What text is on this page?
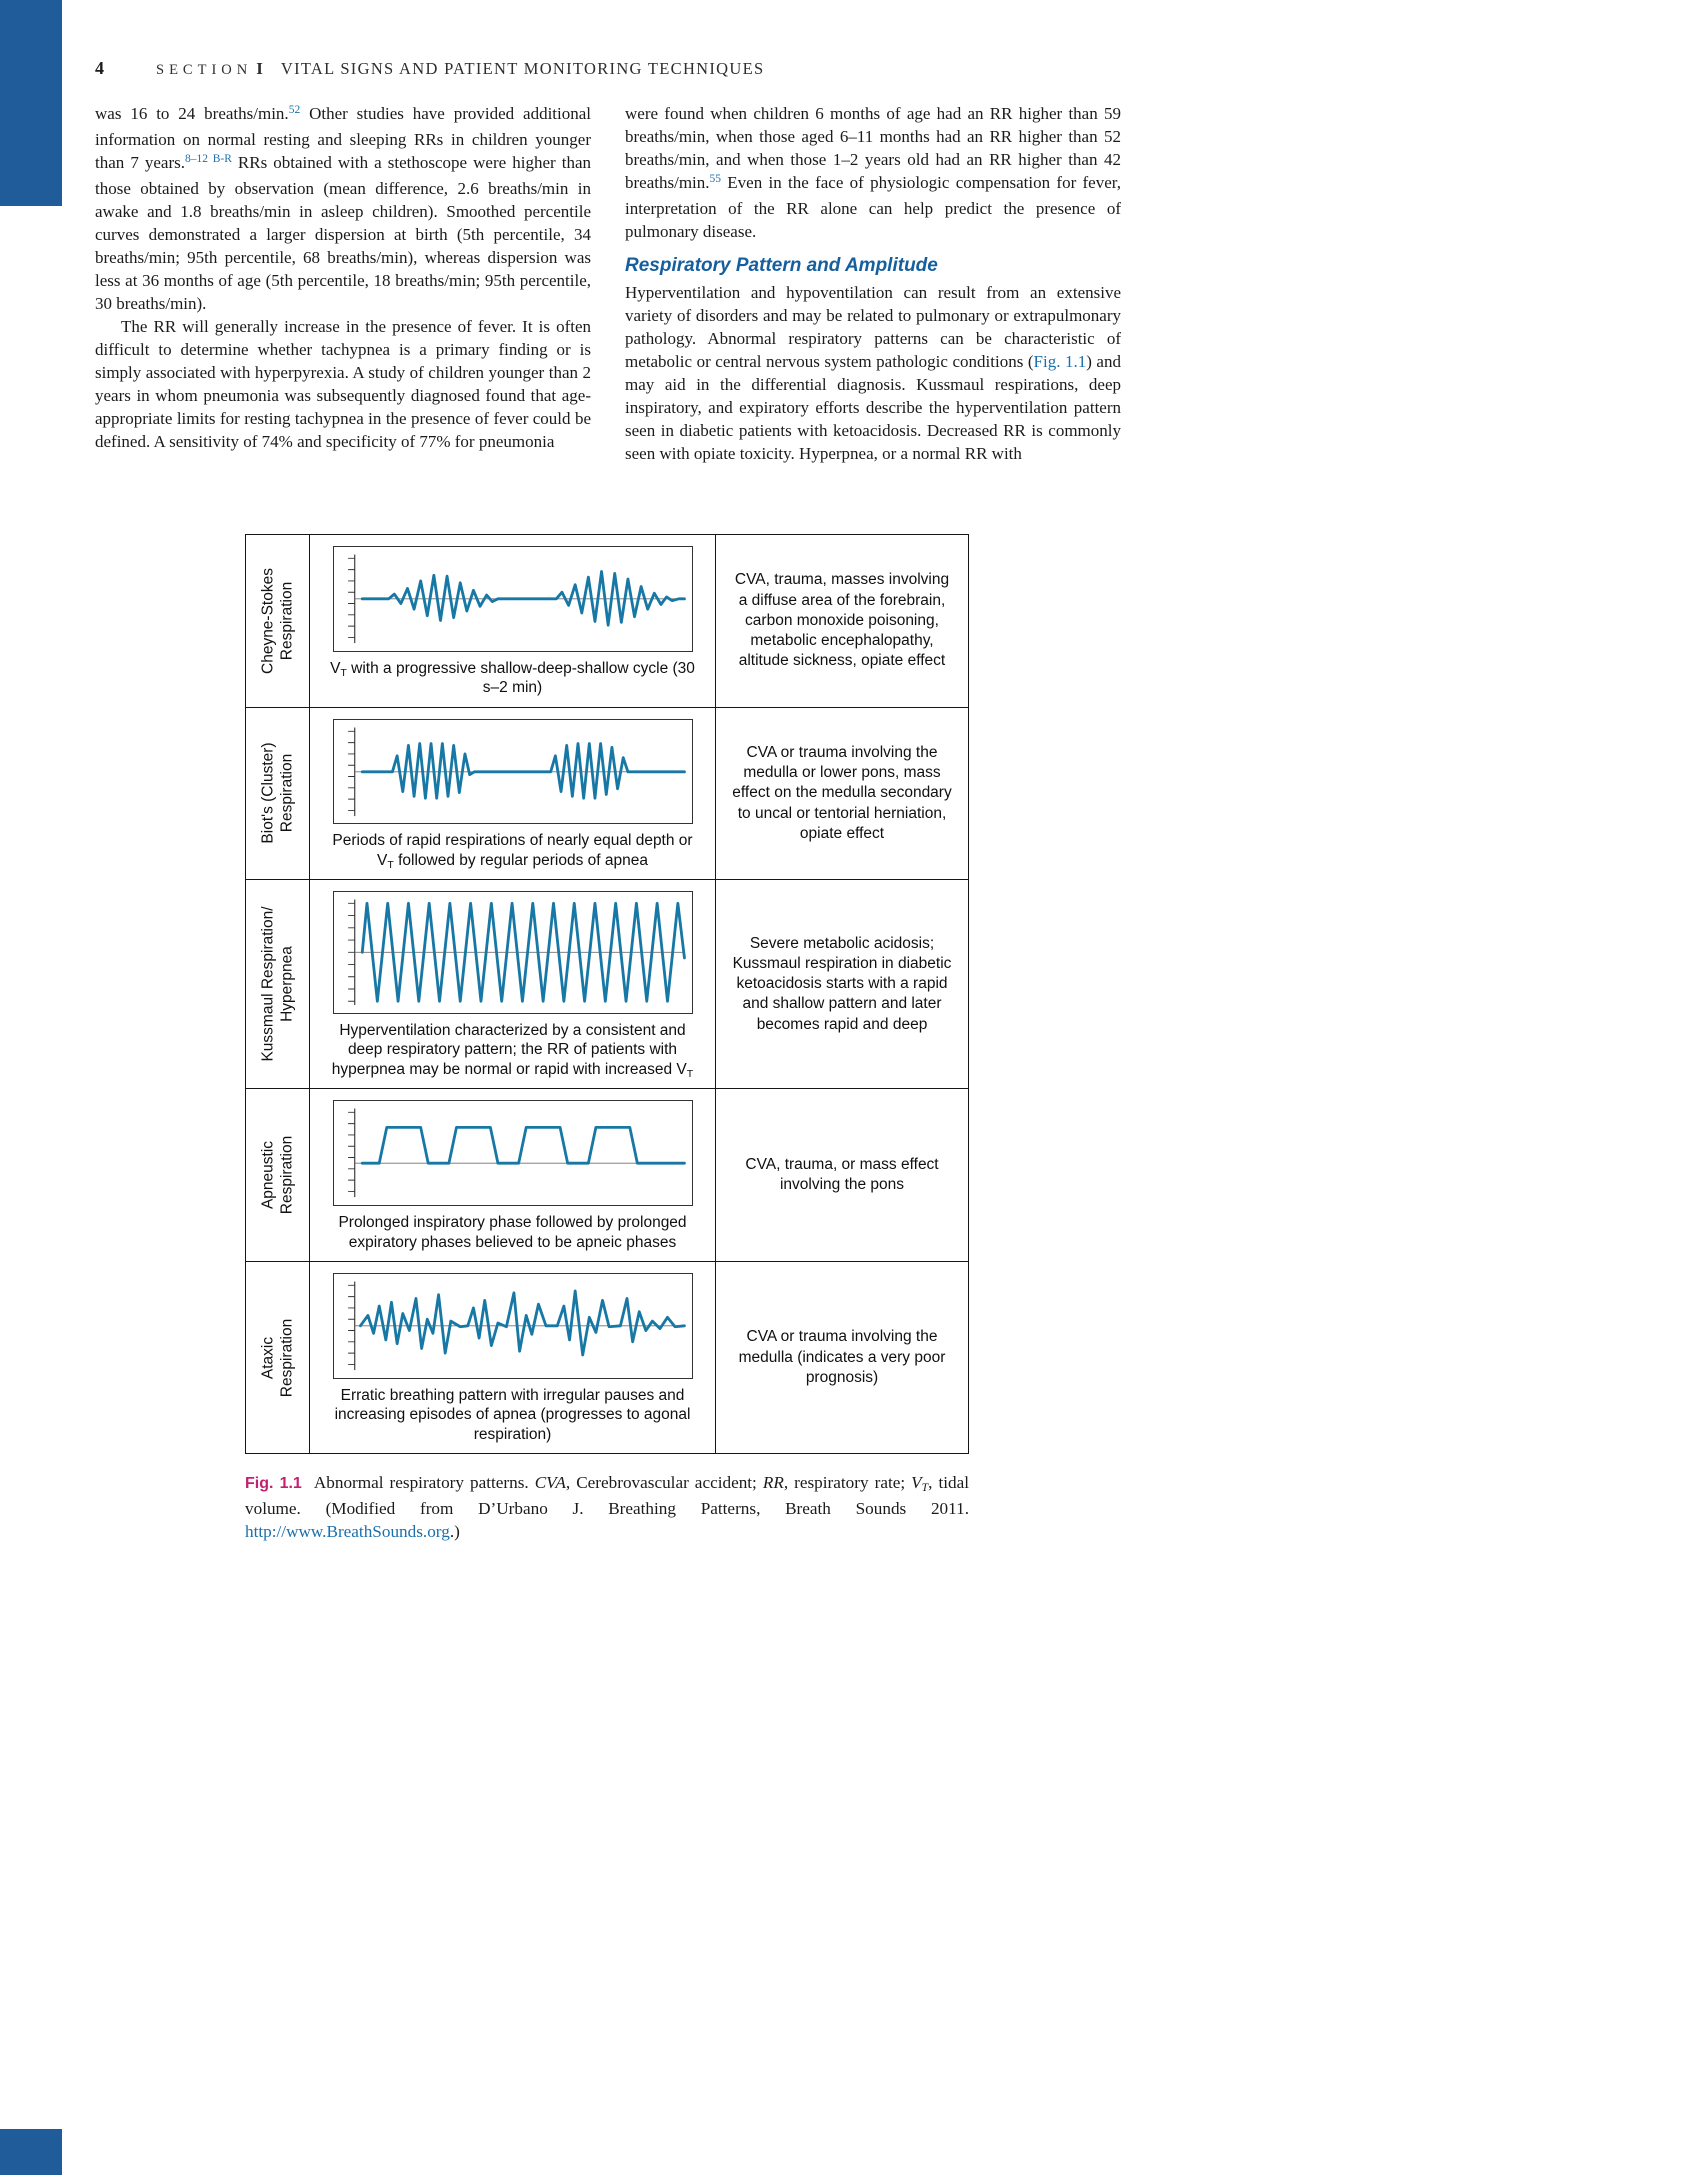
4	SECTION I VITAL SIGNS AND PATIENT MONITORING TECHNIQUES

was 16 to 24 breaths/min.$^{52}$ Other studies have provided additional information on normal resting and sleeping RRs in children younger than 7 years.$^{8-12 B-R}$ RRs obtained with a stethoscope were higher than those obtained by observation (mean difference, 2.6 breaths/min in awake and 1.8 breaths/min in asleep children). Smoothed percentile curves demonstrated a larger dispersion at birth (5th percentile, 34 breaths/min; 95th percentile, 68 breaths/min), whereas dispersion was less at 36 months of age (5th percentile, 18 breaths/min; 95th percentile, 30 breaths/min).

The RR will generally increase in the presence of fever. It is often difficult to determine whether tachypnea is a primary finding or is simply associated with hyperpyrexia. A study of children younger than 2 years in whom pneumonia was subsequently diagnosed found that age-appropriate limits for resting tachypnea in the presence of fever could be defined. A sensitivity of 74% and specificity of 77% for pneumonia

were found when children 6 months of age had an RR higher than 59 breaths/min, when those aged 6–11 months had an RR higher than 52 breaths/min, and when those 1–2 years old had an RR higher than 42 breaths/min.$^{55}$ Even in the face of physiologic compensation for fever, interpretation of the RR alone can help predict the presence of pulmonary disease.

Respiratory Pattern and Amplitude

Hyperventilation and hypoventilation can result from an extensive variety of disorders and may be related to pulmonary or extrapulmonary pathology. Abnormal respiratory patterns can be characteristic of metabolic or central nervous system pathologic conditions (Fig. 1.1) and may aid in the differential diagnosis. Kussmaul respirations, deep inspiratory, and expiratory efforts describe the hyperventilation pattern seen in diabetic patients with ketoacidosis. Decreased RR is commonly seen with opiate toxicity. Hyperpnea, or a normal RR with

Cheyne-Stokes Respiration
VT with a progressive shallow-deep-shallow cycle (30 s–2 min)
CVA, trauma, masses involving a diffuse area of the forebrain, carbon monoxide poisoning, metabolic encephalopathy, altitude sickness, opiate effect
Biot's (Cluster) Respiration
Periods of rapid respirations of nearly equal depth or VT followed by regular periods of apnea
CVA or trauma involving the medulla or lower pons, mass effect on the medulla secondary to uncal or tentorial herniation, opiate effect
Kussmaul Respiration/ Hyperpnea
Hyperventilation characterized by a consistent and deep respiratory pattern; the RR of patients with hyperpnea may be normal or rapid with increased VT
Severe metabolic acidosis; Kussmaul respiration in diabetic ketoacidosis starts with a rapid and shallow pattern and later becomes rapid and deep
Apneustic Respiration
Prolonged inspiratory phase followed by prolonged expiratory phases believed to be apneic phases
CVA, trauma, or mass effect involving the pons
Ataxic Respiration	Erratic breathing pattern with irregular pauses and increasing episodes of apnea (progresses to agonal respiration)
CVA or trauma involving the medulla (indicates a very poor prognosis)
Fig. 1.1 Abnormal respiratory patterns. CVA, Cerebrovascular accident; RR, respiratory rate; VT, tidal volume. (Modified from D’Urbano J. Breathing Patterns, Breath Sounds 2011. http://www.BreathSounds.org.)
